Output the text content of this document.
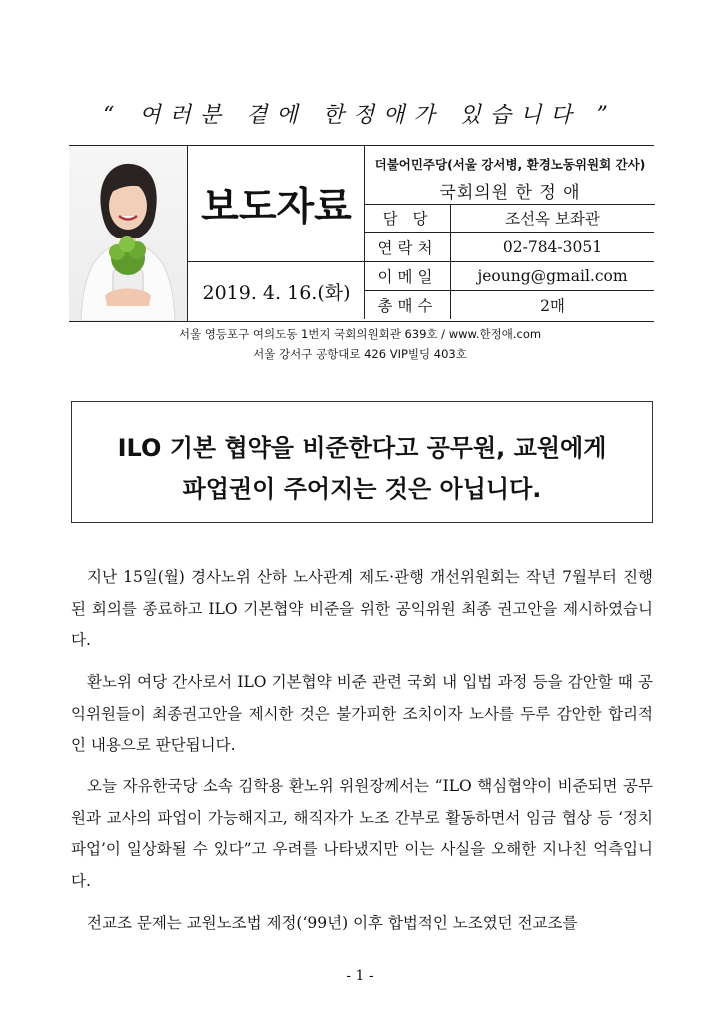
“ 여러분 곁에 한정애가 있습니다 ”
보도자료
2019. 4. 16.(화)
더불어민주당(서울 강서병, 환경노동위원회 간사)
국회의원 한 정 애
담 당	조선옥 보좌관
연락처	02-784-3051
이메일	jeoung@gmail.com
총매수	2매
서울 영등포구 여의도동 1번지 국회의원회관 639호 / www.한정애.com
서울 강서구 공항대로 426 VIP빌딩 403호
ILO 기본 협약을 비준한다고 공무원, 교원에게
파업권이 주어지는 것은 아닙니다.

지난 15일(월) 경사노위 산하 노사관계 제도·관행 개선위원회는 작년 7월부터 진행된 회의를 종료하고 ILO 기본협약 비준을 위한 공익위원 최종 권고안을 제시하였습니다.

환노위 여당 간사로서 ILO 기본협약 비준 관련 국회 내 입법 과정 등을 감안할 때 공익위원들이 최종권고안을 제시한 것은 불가피한 조치이자 노사를 두루 감안한 합리적인 내용으로 판단됩니다.

오늘 자유한국당 소속 김학용 환노위 위원장께서는 “ILO 핵심협약이 비준되면 공무원과 교사의 파업이 가능해지고, 해직자가 노조 간부로 활동하면서 임금 협상 등 ‘정치 파업’이 일상화될 수 있다”고 우려를 나타냈지만 이는 사실을 오해한 지나친 억측입니다.

전교조 문제는 교원노조법 제정(‘99년) 이후 합법적인 노조였던 전교조를

- 1 -
